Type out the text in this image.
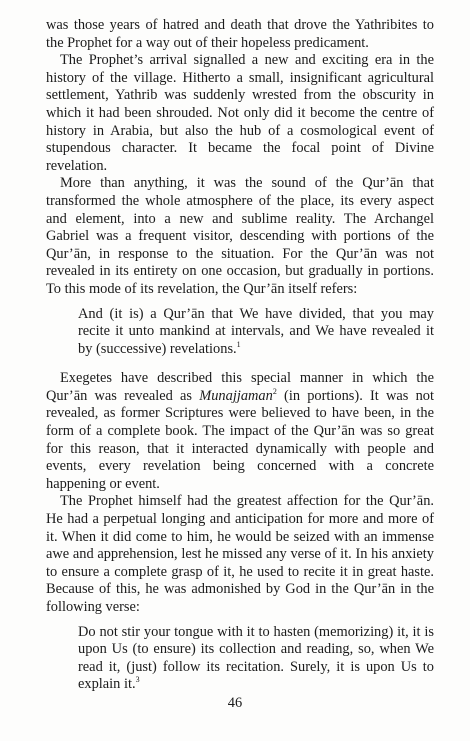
was those years of hatred and death that drove the Yathribites to the Prophet for a way out of their hopeless predicament.

The Prophet’s arrival signalled a new and exciting era in the history of the village. Hitherto a small, insignificant agricultural settlement, Yathrib was suddenly wrested from the obscurity in which it had been shrouded. Not only did it become the centre of history in Arabia, but also the hub of a cosmological event of stupendous character. It became the focal point of Divine revelation.

More than anything, it was the sound of the Qur’ān that transformed the whole atmosphere of the place, its every aspect and element, into a new and sublime reality. The Archangel Gabriel was a frequent visitor, descending with portions of the Qur’ān, in response to the situation. For the Qur’ān was not revealed in its entirety on one occasion, but gradually in portions. To this mode of its revelation, the Qur’ān itself refers:

And (it is) a Qur’ān that We have divided, that you may recite it unto mankind at intervals, and We have revealed it by (successive) revelations.$^1$

Exegetes have described this special manner in which the Qur’ān was revealed as Munajjaman$^2$ (in portions). It was not revealed, as former Scriptures were believed to have been, in the form of a complete book. The impact of the Qur’ān was so great for this reason, that it interacted dynamically with people and events, every revelation being concerned with a concrete happening or event.

The Prophet himself had the greatest affection for the Qur’ān. He had a perpetual longing and anticipation for more and more of it. When it did come to him, he would be seized with an immense awe and apprehension, lest he missed any verse of it. In his anxiety to ensure a complete grasp of it, he used to recite it in great haste. Because of this, he was admonished by God in the Qur’ān in the following verse:

Do not stir your tongue with it to hasten (memorizing) it, it is upon Us (to ensure) its collection and reading, so, when We read it, (just) follow its recitation. Surely, it is upon Us to explain it.$^3$
46
